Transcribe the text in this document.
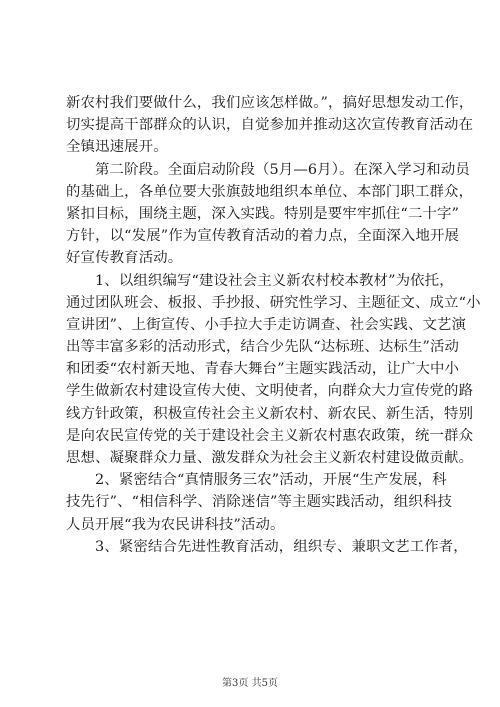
新农村我们要做什么，我们应该怎样做。”，搞好思想发动工作，
切实提高干部群众的认识，自觉参加并推动这次宣传教育活动在
全镇迅速展开。
第二阶段。全面启动阶段（5月—6月）。在深入学习和动员
的基础上，各单位要大张旗鼓地组织本单位、本部门职工群众，
紧扣目标，围绕主题，深入实践。特别是要牢牢抓住“二十字”
方针，以“发展”作为宣传教育活动的着力点，全面深入地开展
好宣传教育活动。
1、以组织编写“建设社会主义新农村校本教材”为依托，
通过团队班会、板报、手抄报、研究性学习、主题征文、成立“小
宣讲团”、上街宣传、小手拉大手走访调查、社会实践、文艺演
出等丰富多彩的活动形式，结合少先队“达标班、达标生”活动
和团委“农村新天地、青春大舞台”主题实践活动，让广大中小
学生做新农村建设宣传大使、文明使者，向群众大力宣传党的路
线方针政策，积极宣传社会主义新农村、新农民、新生活，特别
是向农民宣传党的关于建设社会主义新农村惠农政策，统一群众
思想、凝聚群众力量、激发群众为社会主义新农村建设做贡献。
2、紧密结合“真情服务三农”活动，开展“生产发展，科
技先行”、“相信科学、消除迷信”等主题实践活动，组织科技
人员开展“我为农民讲科技”活动。
3、紧密结合先进性教育活动，组织专、兼职文艺工作者，
第3页 共5页
